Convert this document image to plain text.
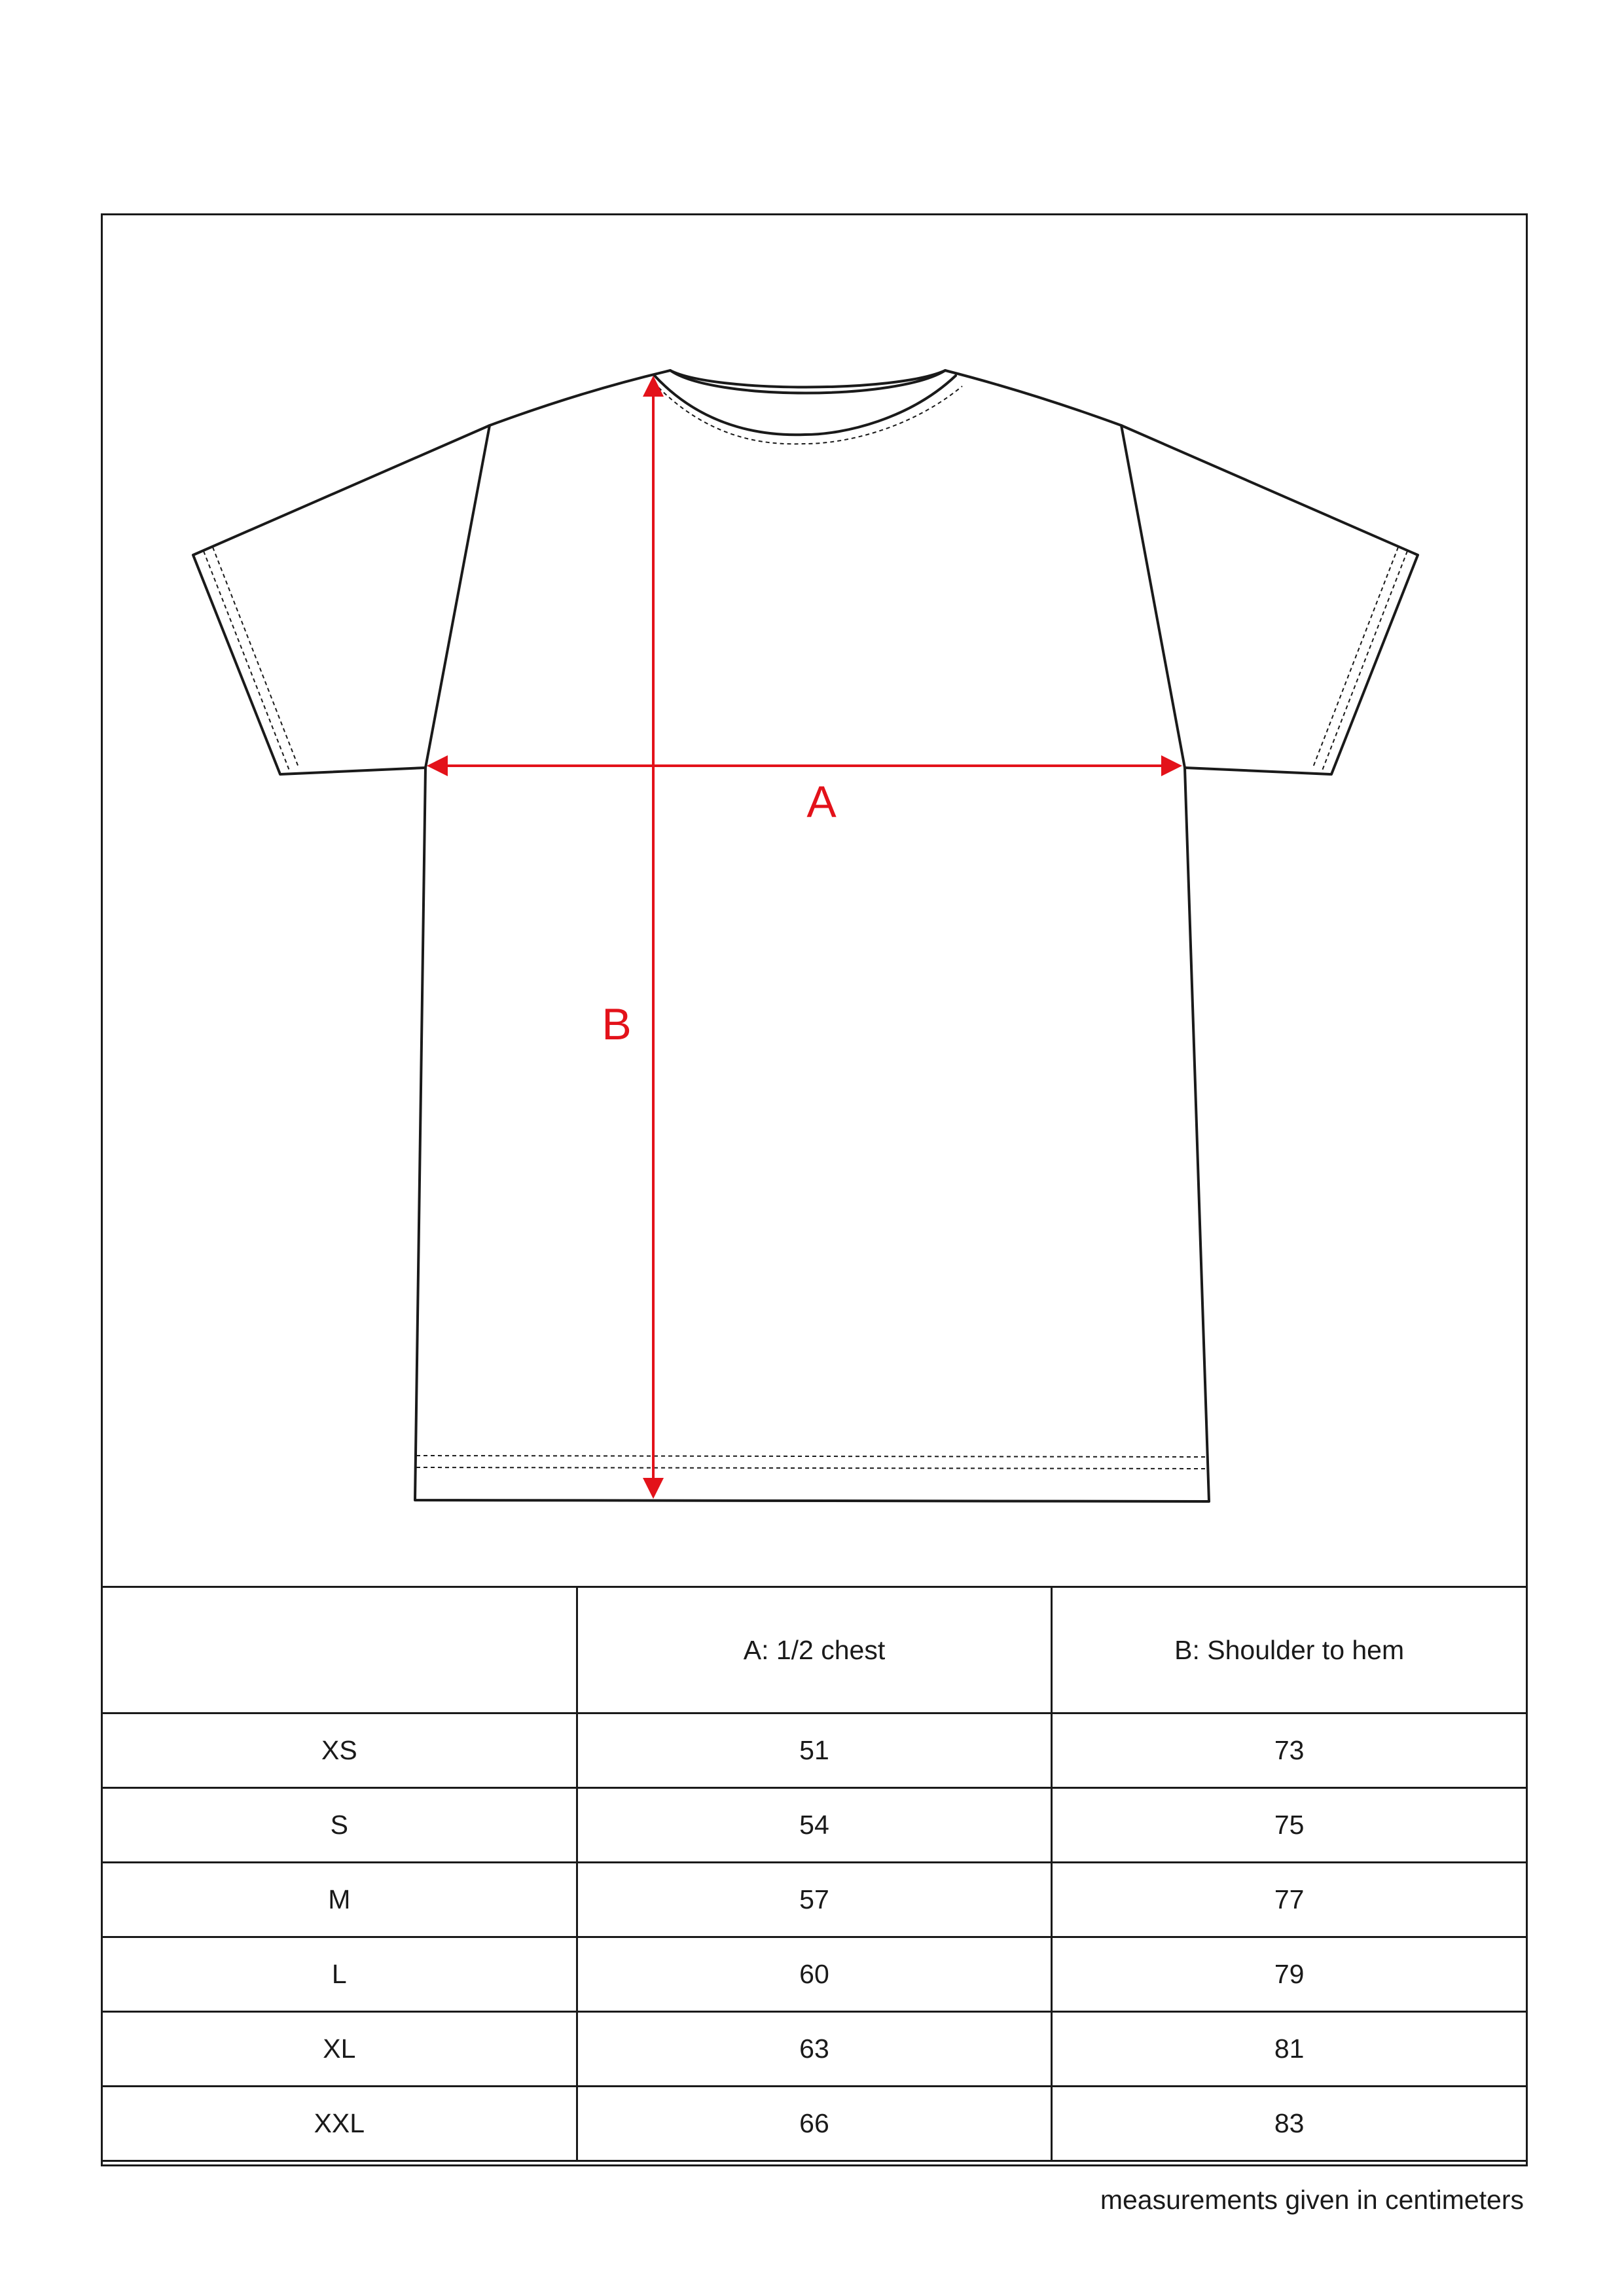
A
B
	A: 1/2 chest	B: Shoulder to hem
XS	51	73
S	54	75
M	57	77
L	60	79
XL	63	81
XXL	66	83
measurements given in centimeters
